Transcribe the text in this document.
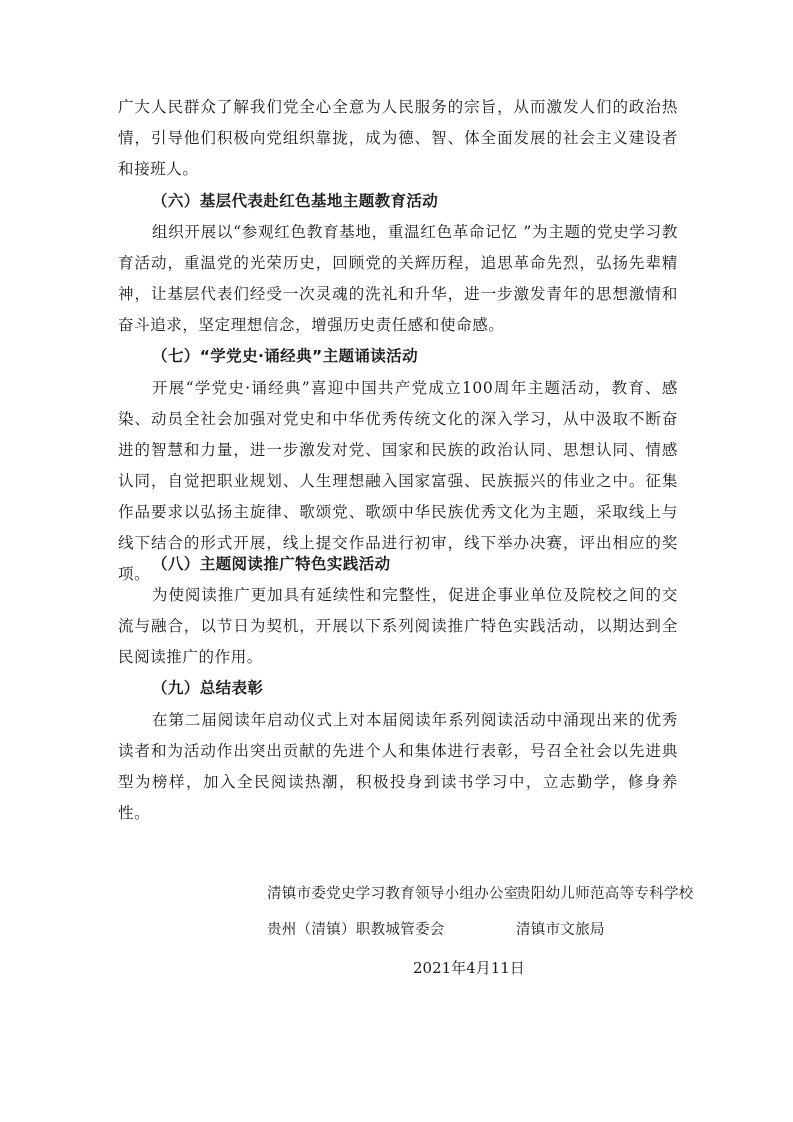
广大人民群众了解我们党全心全意为人民服务的宗旨，从而激发人们的政治热情，引导他们积极向党组织靠拢，成为德、智、体全面发展的社会主义建设者和接班人。

（六）基层代表赴红色基地主题教育活动

组织开展以“参观红色教育基地，重温红色革命记忆 ”为主题的党史学习教育活动，重温党的光荣历史，回顾党的关辉历程，追思革命先烈，弘扬先辈精神，让基层代表们经受一次灵魂的洗礼和升华，进一步激发青年的思想激情和奋斗追求，坚定理想信念，增强历史责任感和使命感。

（七）“学党史·诵经典”主题诵读活动

开展“学党史·诵经典”喜迎中国共产党成立100周年主题活动，教育、感染、动员全社会加强对党史和中华优秀传统文化的深入学习，从中汲取不断奋进的智慧和力量，进一步激发对党、国家和民族的政治认同、思想认同、情感认同，自觉把职业规划、人生理想融入国家富强、民族振兴的伟业之中。征集作品要求以弘扬主旋律、歌颂党、歌颂中华民族优秀文化为主题，采取线上与线下结合的形式开展，线上提交作品进行初审，线下举办决赛，评出相应的奖项。

（八）主题阅读推广特色实践活动

为使阅读推广更加具有延续性和完整性，促进企事业单位及院校之间的交流与融合，以节日为契机，开展以下系列阅读推广特色实践活动，以期达到全民阅读推广的作用。

（九）总结表彰

在第二届阅读年启动仪式上对本届阅读年系列阅读活动中涌现出来的优秀读者和为活动作出突出贡献的先进个人和集体进行表彰，号召全社会以先进典型为榜样，加入全民阅读热潮，积极投身到读书学习中，立志勤学，修身养性。

清镇市委党史学习教育领导小组办公室
贵阳幼儿师范高等专科学校
贵州（清镇）职教城管委会	清镇市文旅局
2021年4月11日
